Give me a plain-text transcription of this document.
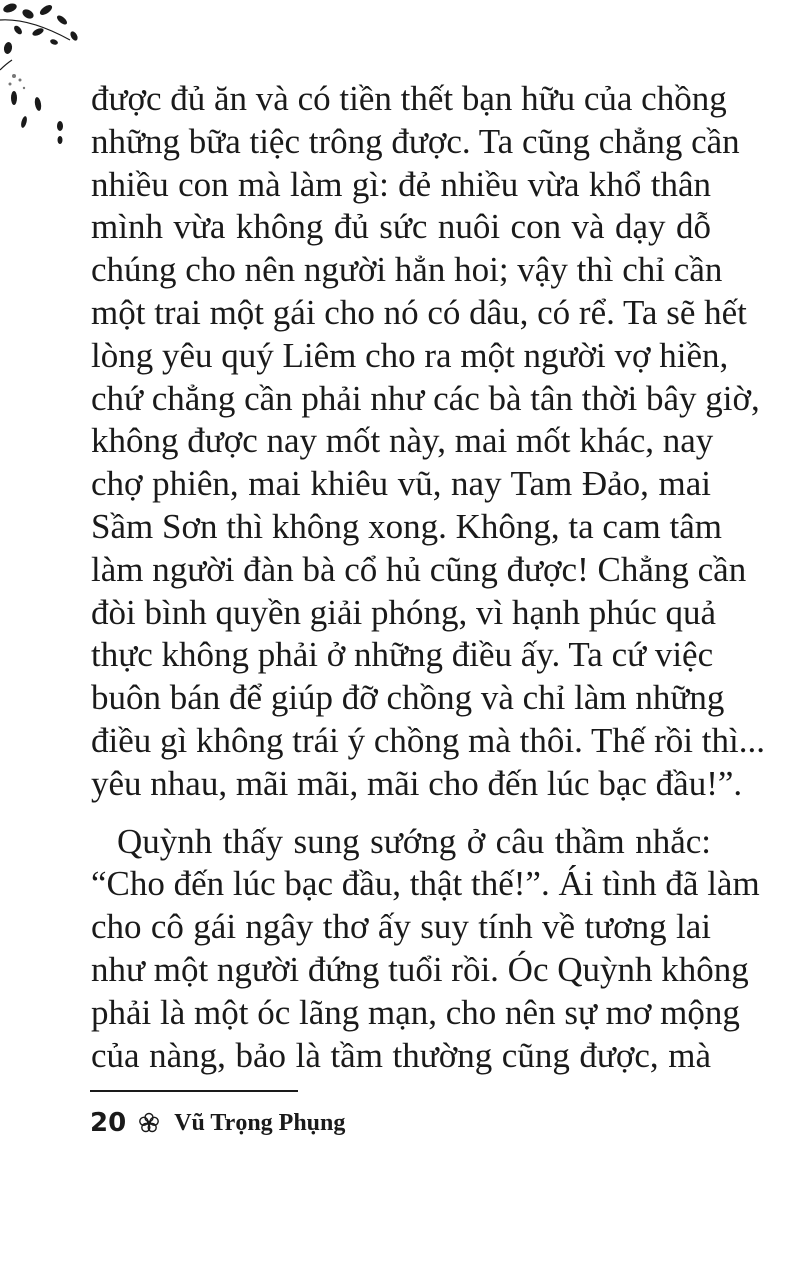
được đủ ăn và có tiền thết bạn hữu của chồng
những bữa tiệc trông được. Ta cũng chẳng cần
nhiều con mà làm gì: đẻ nhiều vừa khổ thân
mình vừa không đủ sức nuôi con và dạy dỗ
chúng cho nên người hẳn hoi; vậy thì chỉ cần
một trai một gái cho nó có dâu, có rể. Ta sẽ hết
lòng yêu quý Liêm cho ra một người vợ hiền,
chứ chẳng cần phải như các bà tân thời bây giờ,
không được nay mốt này, mai mốt khác, nay
chợ phiên, mai khiêu vũ, nay Tam Đảo, mai
Sầm Sơn thì không xong. Không, ta cam tâm
làm người đàn bà cổ hủ cũng được! Chẳng cần
đòi bình quyền giải phóng, vì hạnh phúc quả
thực không phải ở những điều ấy. Ta cứ việc
buôn bán để giúp đỡ chồng và chỉ làm những
điều gì không trái ý chồng mà thôi. Thế rồi thì...
yêu nhau, mãi mãi, mãi cho đến lúc bạc đầu!”.
Quỳnh thấy sung sướng ở câu thầm nhắc:
“Cho đến lúc bạc đầu, thật thế!”. Ái tình đã làm
cho cô gái ngây thơ ấy suy tính về tương lai
như một người đứng tuổi rồi. Óc Quỳnh không
phải là một óc lãng mạn, cho nên sự mơ mộng
của nàng, bảo là tầm thường cũng được, mà
20 Vũ Trọng Phụng
